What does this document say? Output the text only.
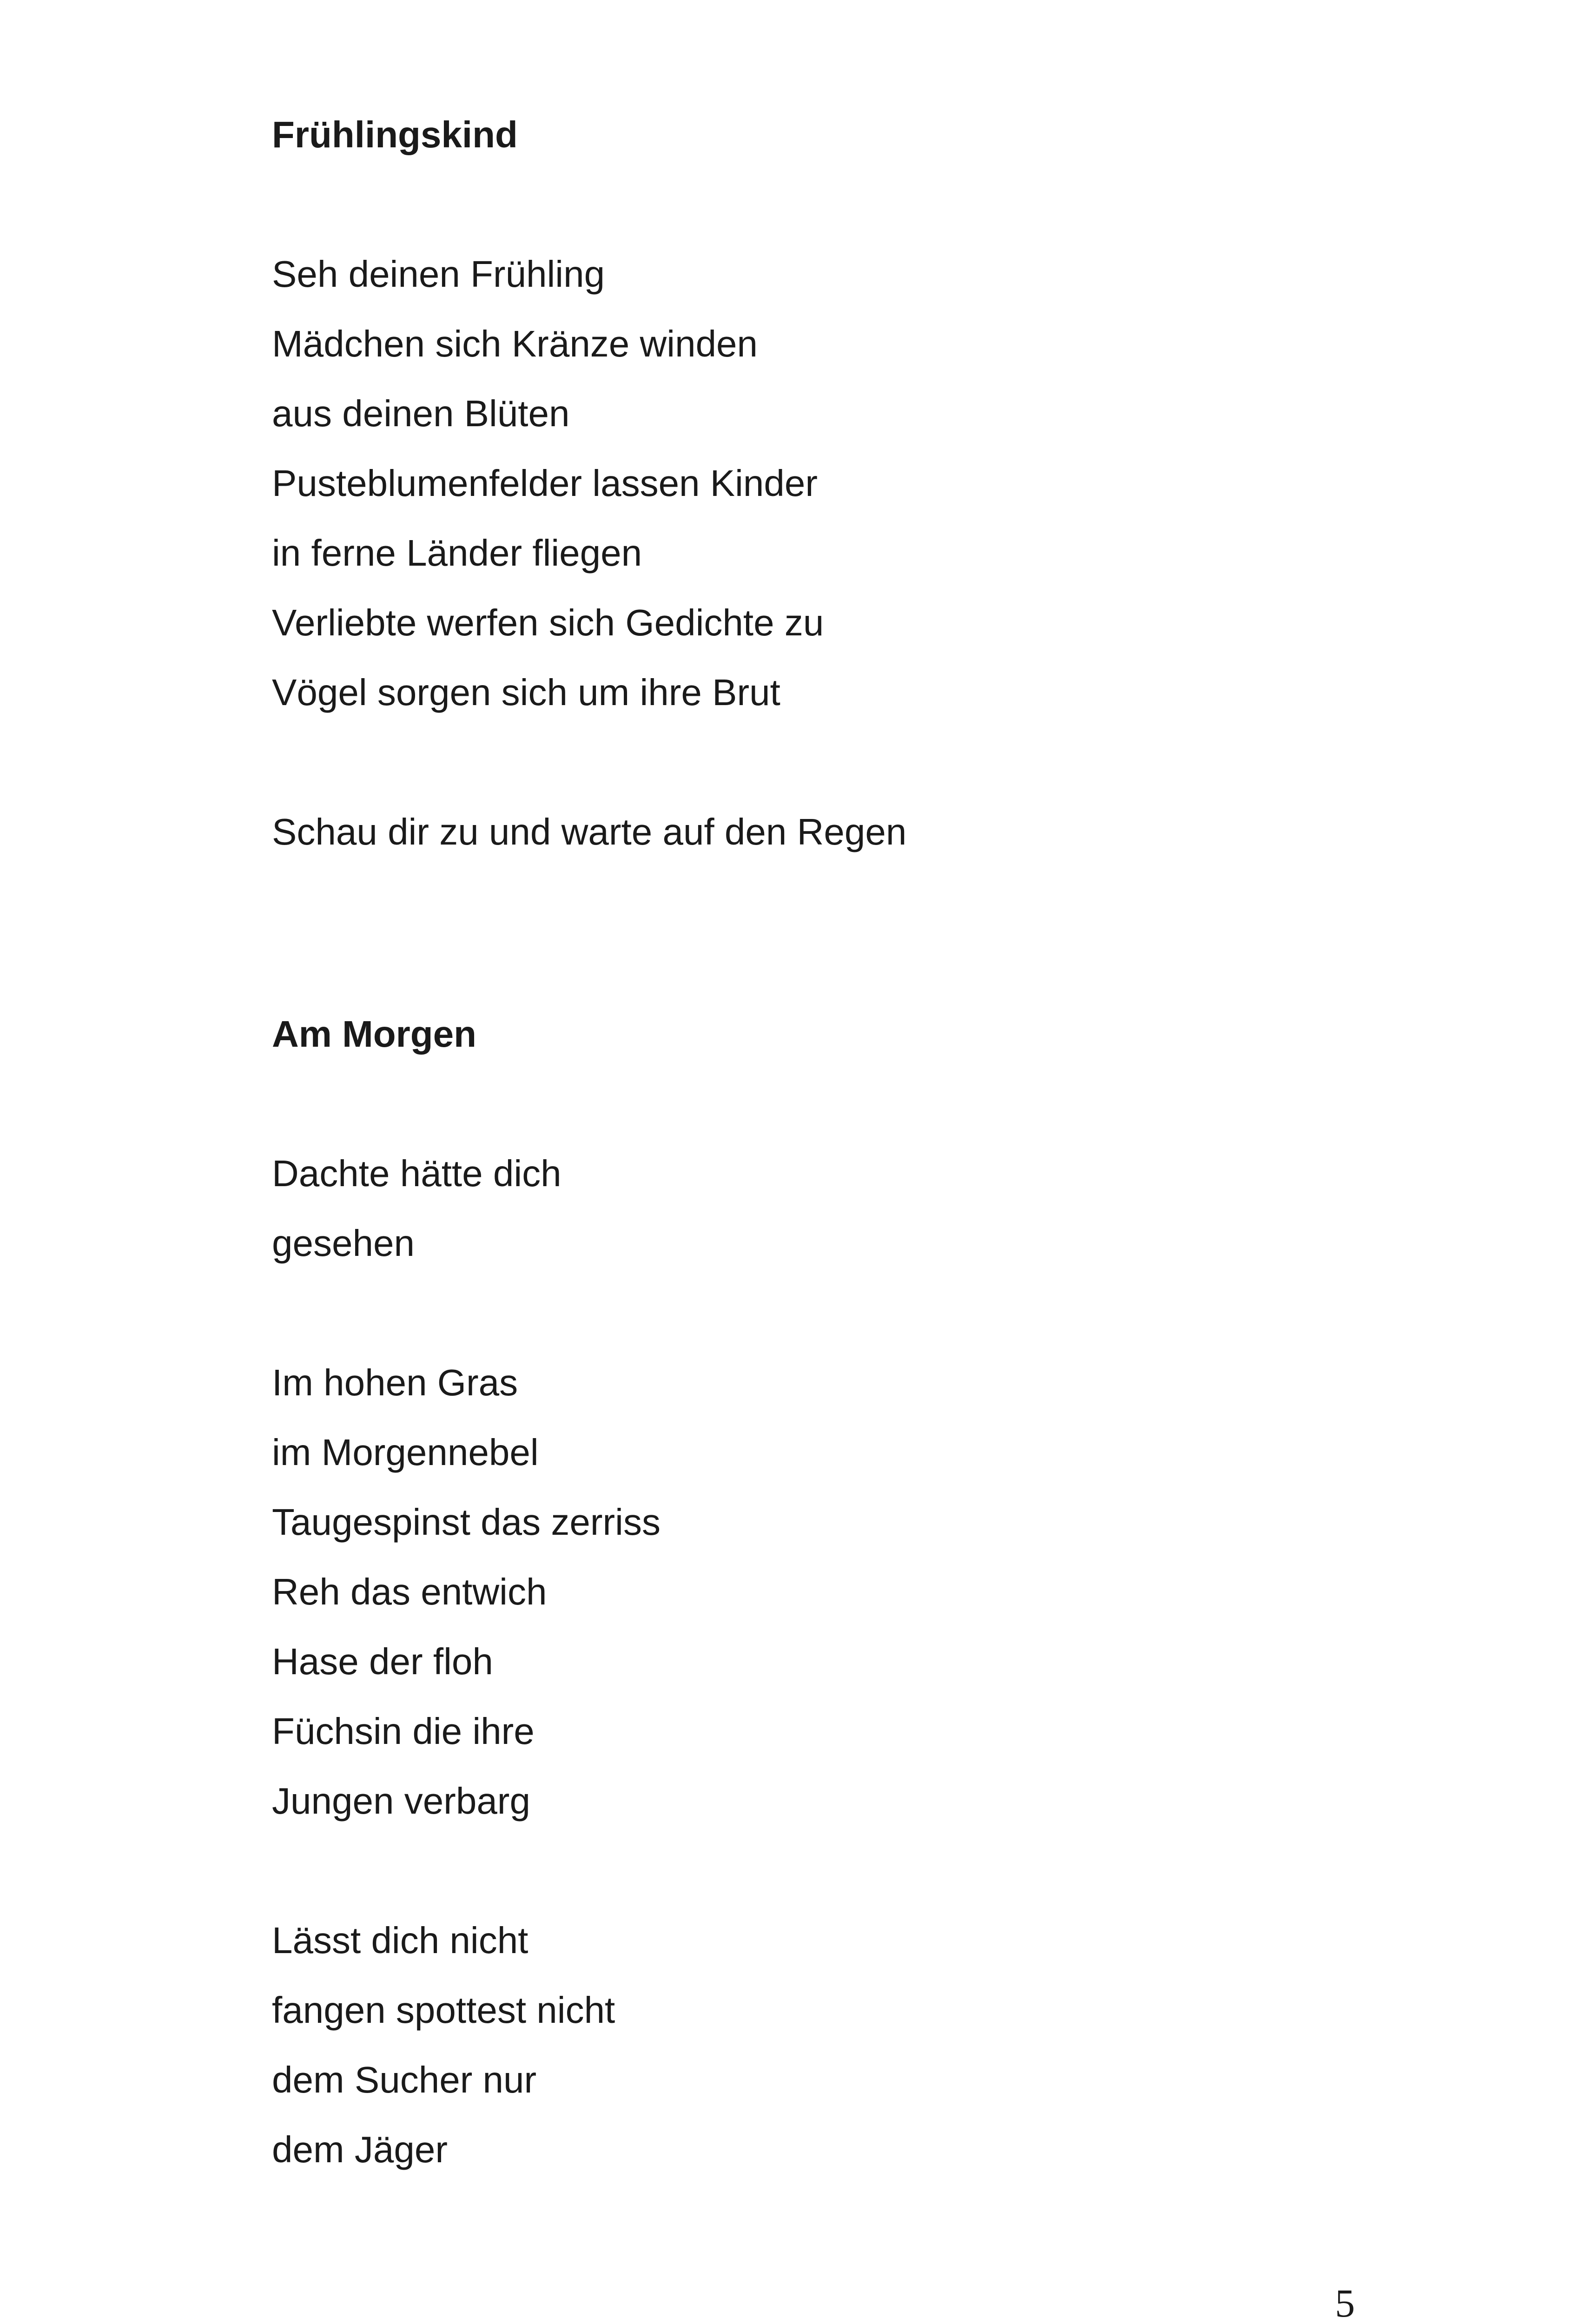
Frühlingskind
Seh deinen Frühling
Mädchen sich Kränze winden
aus deinen Blüten
Pusteblumenfelder lassen Kinder
in ferne Länder fliegen
Verliebte werfen sich Gedichte zu
Vögel sorgen sich um ihre Brut
Schau dir zu und warte auf den Regen
Am Morgen
Dachte hätte dich
gesehen
Im hohen Gras
im Morgennebel
Taugespinst das zerriss
Reh das entwich
Hase der floh
Füchsin die ihre
Jungen verbarg
Lässt dich nicht
fangen spottest nicht
dem Sucher nur
dem Jäger
5
